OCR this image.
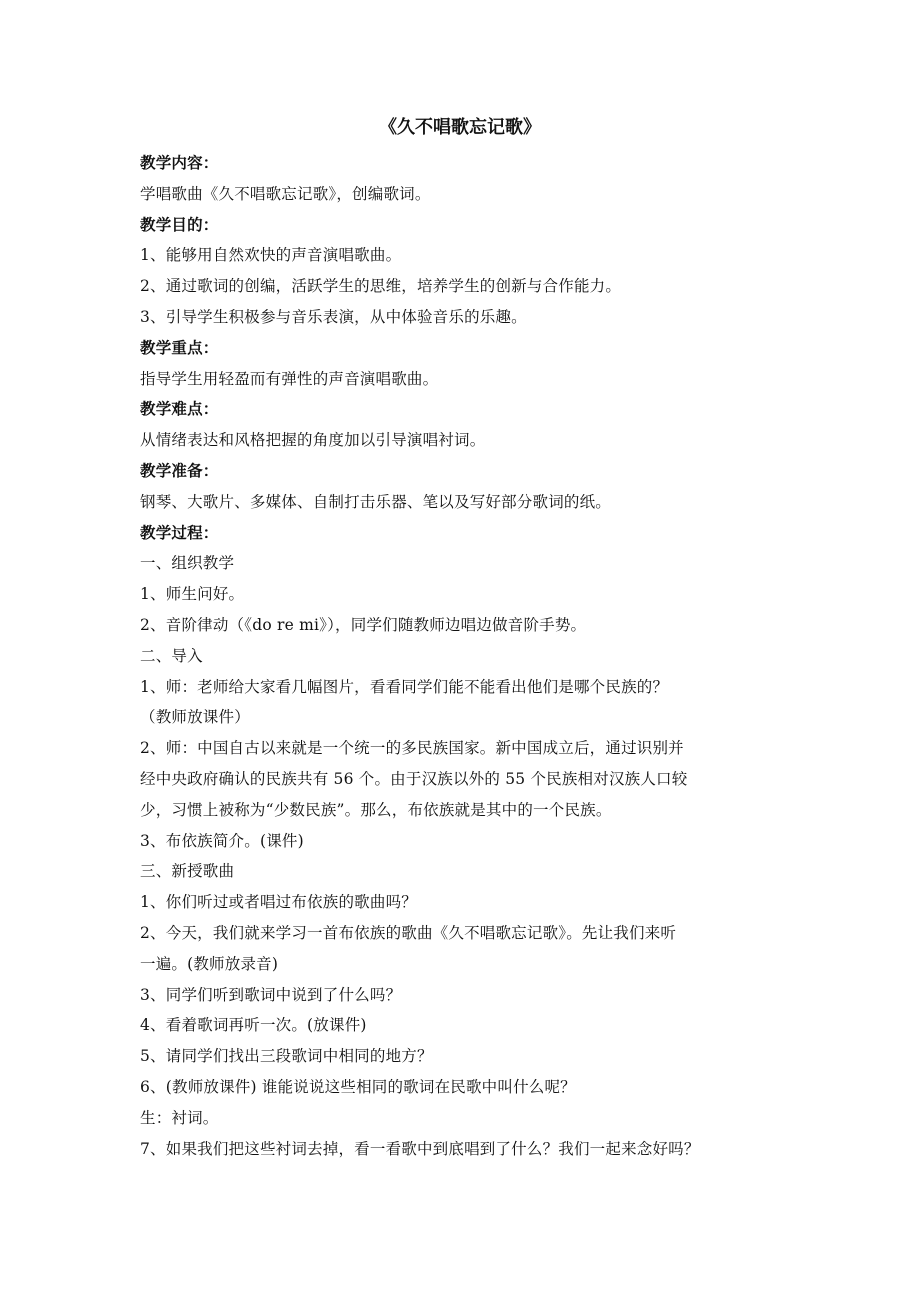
《久不唱歌忘记歌》
教学内容：
学唱歌曲《久不唱歌忘记歌》，创编歌词。
教学目的：
1、能够用自然欢快的声音演唱歌曲。
2、通过歌词的创编，活跃学生的思维，培养学生的创新与合作能力。
3、引导学生积极参与音乐表演，从中体验音乐的乐趣。
教学重点：
指导学生用轻盈而有弹性的声音演唱歌曲。
教学难点：
从情绪表达和风格把握的角度加以引导演唱衬词。
教学准备：
钢琴、大歌片、多媒体、自制打击乐器、笔以及写好部分歌词的纸。
教学过程：
一、组织教学
1、师生问好。
2、音阶律动（《do re mi》），同学们随教师边唱边做音阶手势。
二、导入
1、师：老师给大家看几幅图片，看看同学们能不能看出他们是哪个民族的？
（教师放课件）
2、师：中国自古以来就是一个统一的多民族国家。新中国成立后，通过识别并
经中央政府确认的民族共有 56 个。由于汉族以外的 55 个民族相对汉族人口较
少，习惯上被称为“少数民族”。那么，布依族就是其中的一个民族。
3、布依族简介。(课件)
三、新授歌曲
1、你们听过或者唱过布依族的歌曲吗？
2、今天，我们就来学习一首布依族的歌曲《久不唱歌忘记歌》。先让我们来听
一遍。(教师放录音)
3、同学们听到歌词中说到了什么吗？
4、看着歌词再听一次。(放课件)
5、请同学们找出三段歌词中相同的地方？
6、(教师放课件) 谁能说说这些相同的歌词在民歌中叫什么呢？
生：衬词。
7、如果我们把这些衬词去掉，看一看歌中到底唱到了什么？我们一起来念好吗？
